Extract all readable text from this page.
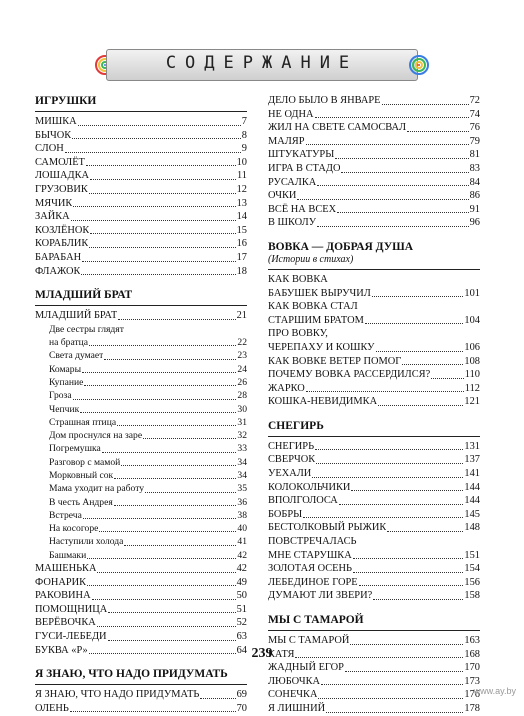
СОДЕРЖАНИЕ
ИГРУШКИ
МИШКА	7
БЫЧОК	8
СЛОН	9
САМОЛЁТ	10
ЛОШАДКА	11
ГРУЗОВИК	12
МЯЧИК	13
ЗАЙКА	14
КОЗЛЁНОК	15
КОРАБЛИК	16
БАРАБАН	17
ФЛАЖОК	18
МЛАДШИЙ БРАТ
МЛАДШИЙ БРАТ	21
Две сестры глядят
на братца	22
Света думает	23
Комары	24
Купание	26
Гроза	28
Чепчик	30
Страшная птица	31
Дом проснулся на заре	32
Погремушка	33
Разговор с мамой	34
Морковный сок	34
Мама уходит на работу	35
В честь Андрея	36
Встреча	38
На косогоре	40
Наступили холода	41
Башмаки	42
МАШЕНЬКА	42
ФОНАРИК	49
РАКОВИНА	50
ПОМОЩНИЦА	51
ВЕРЁВОЧКА	52
ГУСИ-ЛЕБЕДИ	63
БУКВА «Р»	64
Я ЗНАЮ, ЧТО НАДО ПРИДУМАТЬ
Я ЗНАЮ, ЧТО НАДО ПРИДУМАТЬ	69
ОЛЕНЬ	70
ДЕЛО БЫЛО В ЯНВАРЕ	72
НЕ ОДНА	74
ЖИЛ НА СВЕТЕ САМОСВАЛ	76
МАЛЯР	79
ШТУКАТУРЫ	81
ИГРА В СТАДО	83
РУСАЛКА	84
ОЧКИ	86
ВСЁ НА ВСЕХ	91
В ШКОЛУ	96
ВОВКА — ДОБРАЯ ДУША
(Истории в стихах)
КАК ВОВКА
БАБУШЕК ВЫРУЧИЛ	101
КАК ВОВКА СТАЛ
СТАРШИМ БРАТОМ	104
ПРО ВОВКУ,
ЧЕРЕПАХУ И КОШКУ	106
КАК ВОВКЕ ВЕТЕР ПОМОГ	108
ПОЧЕМУ ВОВКА РАССЕРДИЛСЯ?	110
ЖАРКО	112
КОШКА-НЕВИДИМКА	121
СНЕГИРЬ
СНЕГИРЬ	131
СВЕРЧОК	137
УЕХАЛИ	141
КОЛОКОЛЬЧИКИ	144
ВПОЛГОЛОСА	144
БОБРЫ	145
БЕСТОЛКОВЫЙ РЫЖИК	148
ПОВСТРЕЧАЛАСЬ
МНЕ СТАРУШКА	151
ЗОЛОТАЯ ОСЕНЬ	154
ЛЕБЕДИНОЕ ГОРЕ	156
ДУМАЮТ ЛИ ЗВЕРИ?	158
МЫ С ТАМАРОЙ
МЫ С ТАМАРОЙ	163
КАТЯ	168
ЖАДНЫЙ ЕГОР	170
ЛЮБОЧКА	173
СОНЕЧКА	176
Я ЛИШНИЙ	178
239
www.ay.by
